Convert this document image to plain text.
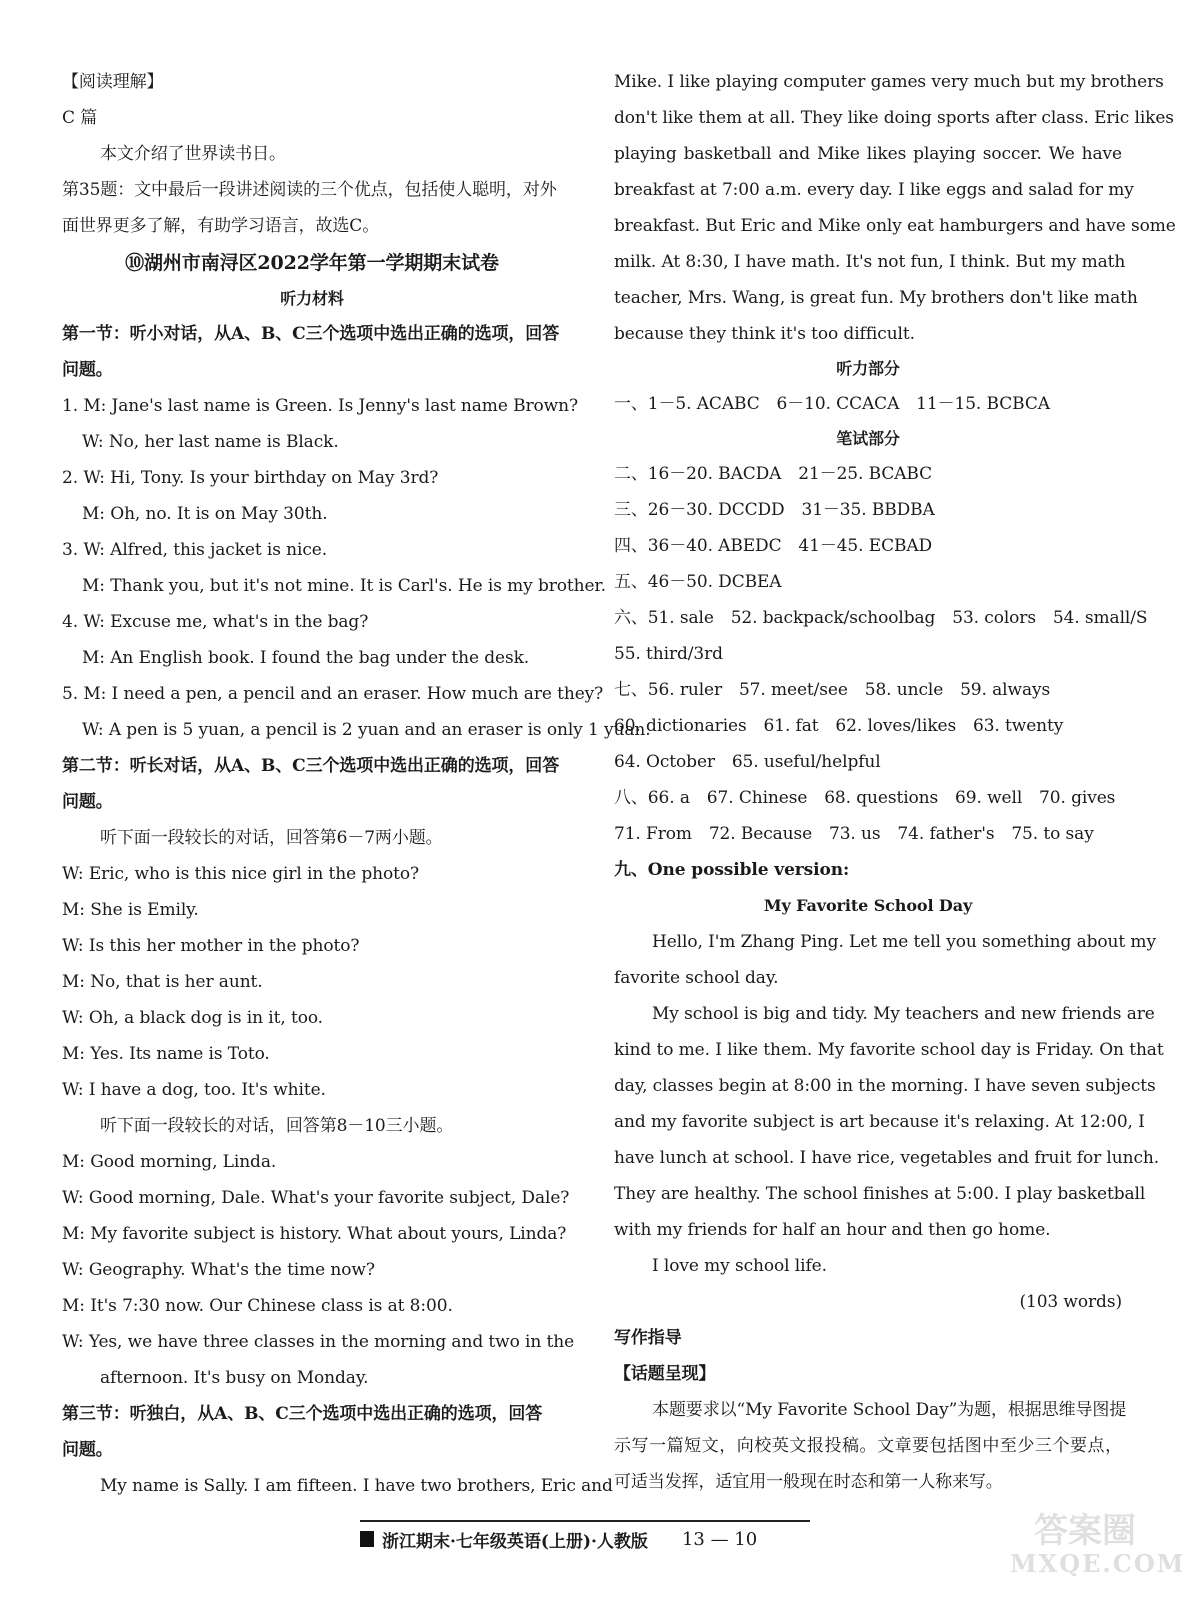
【阅读理解】
C 篇
本文介绍了世界读书日。
第35题：文中最后一段讲述阅读的三个优点，包括使人聪明，对外
面世界更多了解，有助学习语言，故选C。
⑩湖州市南浔区2022学年第一学期期末试卷
听力材料
第一节：听小对话，从A、B、C三个选项中选出正确的选项，回答
问题。
1. M: Jane's last name is Green. Is Jenny's last name Brown?
W: No, her last name is Black.
2. W: Hi, Tony. Is your birthday on May 3rd?
M: Oh, no. It is on May 30th.
3. W: Alfred, this jacket is nice.
M: Thank you, but it's not mine. It is Carl's. He is my brother.
4. W: Excuse me, what's in the bag?
M: An English book. I found the bag under the desk.
5. M: I need a pen, a pencil and an eraser. How much are they?
W: A pen is 5 yuan, a pencil is 2 yuan and an eraser is only 1 yuan.
第二节：听长对话，从A、B、C三个选项中选出正确的选项，回答
问题。
听下面一段较长的对话，回答第6－7两小题。
W: Eric, who is this nice girl in the photo?
M: She is Emily.
W: Is this her mother in the photo?
M: No, that is her aunt.
W: Oh, a black dog is in it, too.
M: Yes. Its name is Toto.
W: I have a dog, too. It's white.
听下面一段较长的对话，回答第8－10三小题。
M: Good morning, Linda.
W: Good morning, Dale. What's your favorite subject, Dale?
M: My favorite subject is history. What about yours, Linda?
W: Geography. What's the time now?
M: It's 7:30 now. Our Chinese class is at 8:00.
W: Yes, we have three classes in the morning and two in the
afternoon. It's busy on Monday.
第三节：听独白，从A、B、C三个选项中选出正确的选项，回答
问题。
My name is Sally. I am fifteen. I have two brothers, Eric and
Mike. I like playing computer games very much but my brothers
don't like them at all. They like doing sports after class. Eric likes
playing basketball and Mike likes playing soccer. We have
breakfast at 7:00 a.m. every day. I like eggs and salad for my
breakfast. But Eric and Mike only eat hamburgers and have some
milk. At 8:30, I have math. It's not fun, I think. But my math
teacher, Mrs. Wang, is great fun. My brothers don't like math
because they think it's too difficult.
听力部分
一、1－5. ACABC　6－10. CCACA　11－15. BCBCA
笔试部分
二、16－20. BACDA　21－25. BCABC
三、26－30. DCCDD　31－35. BBDBA
四、36－40. ABEDC　41－45. ECBAD
五、46－50. DCBEA
六、51. sale　52. backpack/schoolbag　53. colors　54. small/S
55. third/3rd
七、56. ruler　57. meet/see　58. uncle　59. always
60. dictionaries　61. fat　62. loves/likes　63. twenty
64. October　65. useful/helpful
八、66. a　67. Chinese　68. questions　69. well　70. gives
71. From　72. Because　73. us　74. father's　75. to say
九、One possible version:
My Favorite School Day
Hello, I'm Zhang Ping. Let me tell you something about my
favorite school day.
My school is big and tidy. My teachers and new friends are
kind to me. I like them. My favorite school day is Friday. On that
day, classes begin at 8:00 in the morning. I have seven subjects
and my favorite subject is art because it's relaxing. At 12:00, I
have lunch at school. I have rice, vegetables and fruit for lunch.
They are healthy. The school finishes at 5:00. I play basketball
with my friends for half an hour and then go home.
I love my school life.
(103 words)
写作指导
【话题呈现】
本题要求以“My Favorite School Day”为题，根据思维导图提
示写一篇短文，向校英文报投稿。文章要包括图中至少三个要点，
可适当发挥，适宜用一般现在时态和第一人称来写。
浙江期末·七年级英语(上册)·人教版 13 — 10	答案圈
MXQE.COM
